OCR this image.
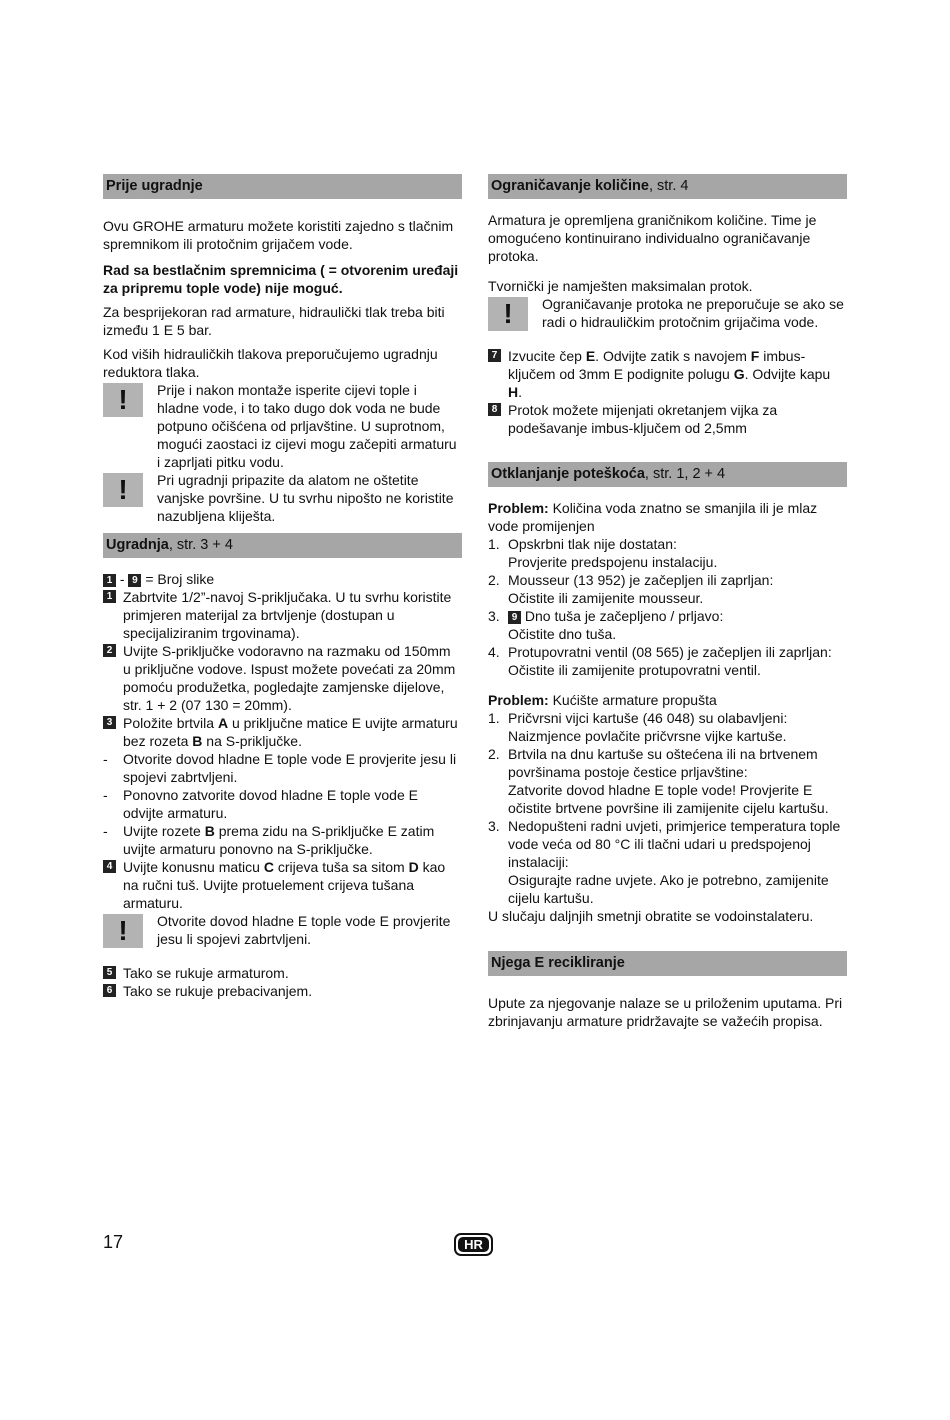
Prije ugradnje

Ovu GROHE armaturu možete koristiti zajedno s tlačnim spremnikom ili protočnim grijačem vode.

Rad sa bestlačnim spremnicima ( = otvorenim uređaji za pripremu tople vode) nije moguć.

Za besprijekoran rad armature, hidraulički tlak treba biti između 1 E 5 bar.

Kod viših hidrauličkih tlakova preporučujemo ugradnju reduktora tlaka.

!	Prije i nakon montaže isperite cijevi tople i hladne vode, i to tako dugo dok voda ne bude potpuno očišćena od prljavštine. U suprotnom, mogući zaostaci iz cijevi mogu začepiti armaturu i zaprljati pitku vodu.

!	Pri ugradnji pripazite da alatom ne oštetite vanjske površine. U tu svrhu nipošto ne koristite nazubljena kliješta.

Ugradnja, str. 3 + 4

1 - 9 = Broj slike

1 Zabrtvite 1/2”-navoj S-priključaka. U tu svrhu koristite primjeren materijal za brtvljenje (dostupan u specijaliziranim trgovinama).
2 Uvijte S-priključke vodoravno na razmaku od 150mm u priključne vodove. Ispust možete povećati za 20mm pomoću produžetka, pogledajte zamjenske dijelove, str. 1 + 2 (07 130 = 20mm).
3 Položite brtvila A u priključne matice E uvijte armaturu bez rozeta B na S-priključke.
- Otvorite dovod hladne E tople vode E provjerite jesu li spojevi zabrtvljeni.
- Ponovno zatvorite dovod hladne E tople vode E odvijte armaturu.
- Uvijte rozete B prema zidu na S-priključke E zatim uvijte armaturu ponovno na S-priključke.
4 Uvijte konusnu maticu C crijeva tuša sa sitom D kao na ručni tuš. Uvijte protuelement crijeva tušana armaturu.
!	Otvorite dovod hladne E tople vode E provjerite jesu li spojevi zabrtvljeni.

5 Tako se rukuje armaturom.
6 Tako se rukuje prebacivanjem.
Ograničavanje količine, str. 4

Armatura je opremljena graničnikom količine. Time je omogućeno kontinuirano individualno ograničavanje protoka.

Tvornički je namješten maksimalan protok.

!	Ograničavanje protoka ne preporučuje se ako se radi o hidrauličkim protočnim grijačima vode.

7 Izvucite čep E. Odvijte zatik s navojem F imbus-ključem od 3mm E podignite polugu G. Odvijte kapu H.
8 Protok možete mijenjati okretanjem vijka za podešavanje imbus-ključem od 2,5mm
Otklanjanje poteškoća, str. 1, 2 + 4

Problem: Količina voda znatno se smanjila ili je mlaz vode promijenjen

1. Opskrbni tlak nije dostatan:
Provjerite predspojenu instalaciju.
2. Mousseur (13 952) je začepljen ili zaprljan:
Očistite ili zamijenite mousseur.
3. 9 Dno tuša je začepljeno / prljavo:
Očistite dno tuša.
4. Protupovratni ventil (08 565) je začepljen ili zaprljan:
Očistite ili zamijenite protupovratni ventil.

Problem: Kućište armature propušta

1. Pričvrsni vijci kartuše (46 048) su olabavljeni:
Naizmjence povlačite pričvrsne vijke kartuše.
2. Brtvila na dnu kartuše su oštećena ili na brtvenem površinama postoje čestice prljavštine:
Zatvorite dovod hladne E tople vode! Provjerite E očistite brtvene površine ili zamijenite cijelu kartušu.
3. Nedopušteni radni uvjeti, primjerice temperatura tople vode veća od 80 °C ili tlačni udari u predspojenoj instalaciji:
Osigurajte radne uvjete. Ako je potrebno, zamijenite cijelu kartušu.

U slučaju daljnjih smetnji obratite se vodoinstalateru.

Njega E recikliranje

Upute za njegovanje nalaze se u priloženim uputama. Pri zbrinjavanju armature pridržavajte se važećih propisa.

17	HR
